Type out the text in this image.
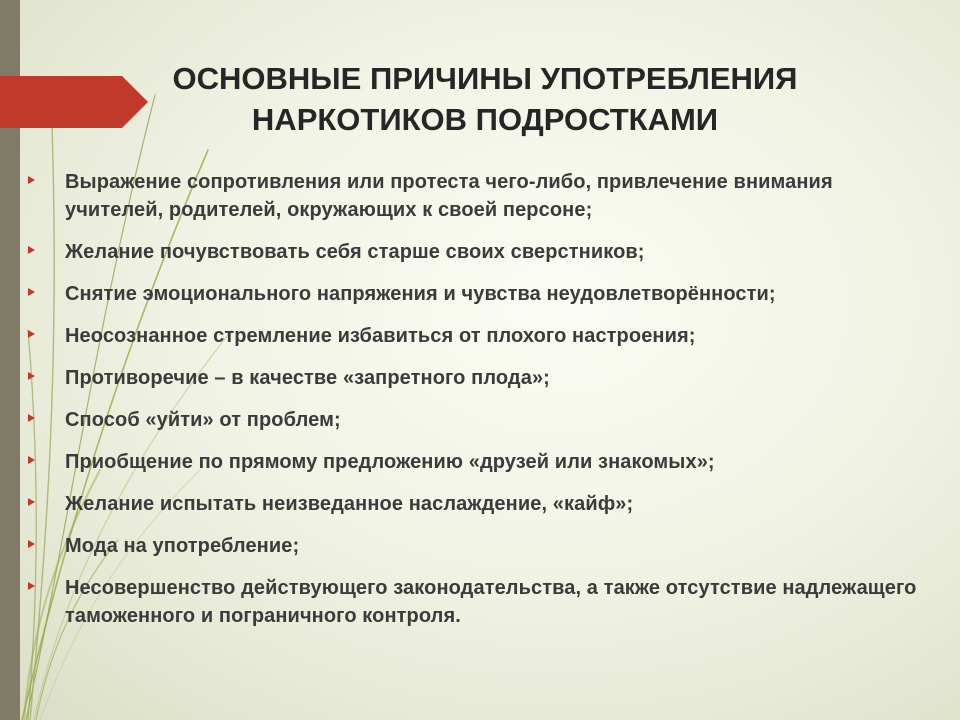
ОСНОВНЫЕ ПРИЧИНЫ УПОТРЕБЛЕНИЯ
НАРКОТИКОВ ПОДРОСТКАМИ
Выражение сопротивления или протеста чего-либо, привлечение внимания учителей, родителей, окружающих к своей персоне;
Желание почувствовать себя старше своих сверстников;
Снятие эмоционального напряжения и чувства неудовлетворённости;
Неосознанное стремление избавиться от плохого настроения;
Противоречие – в качестве «запретного плода»;
Способ «уйти» от проблем;
Приобщение по прямому предложению «друзей или знакомых»;
Желание испытать неизведанное наслаждение, «кайф»;
Мода на употребление;
Несовершенство действующего законодательства, а также отсутствие надлежащего таможенного и пограничного контроля.
